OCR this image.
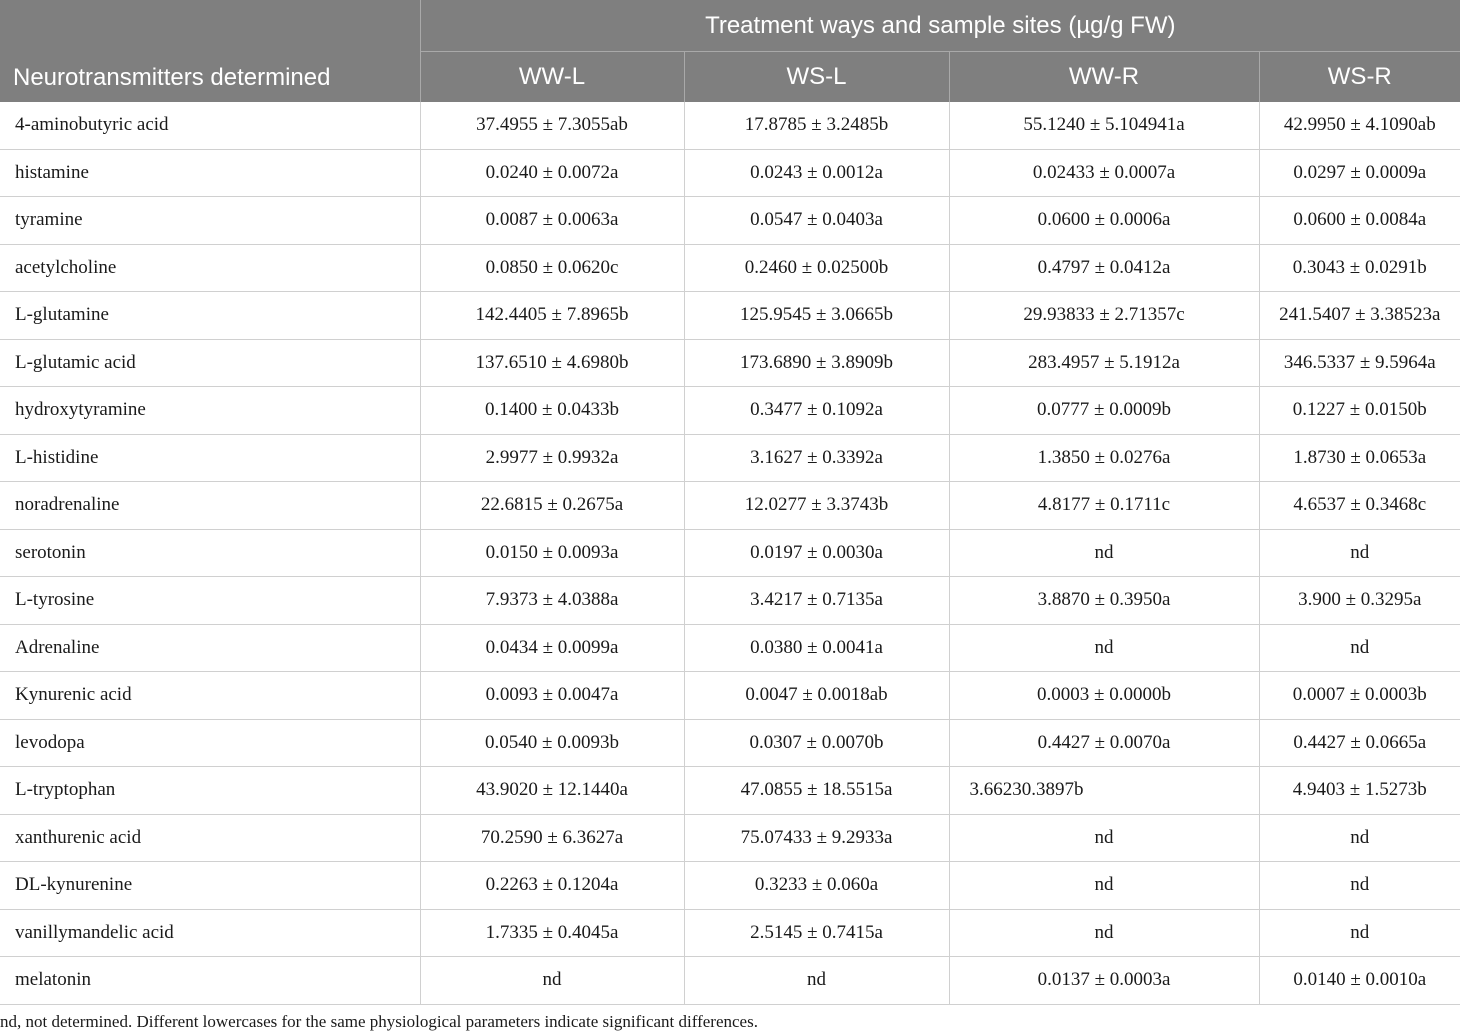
Neurotransmitters determined	Treatment ways and sample sites (µg/g FW)			
	WW-L	WS-L	WW-R	WS-R
4-aminobutyric acid	37.4955 ± 7.3055ab	17.8785 ± 3.2485b	55.1240 ± 5.104941a	42.9950 ± 4.1090ab
histamine	0.0240 ± 0.0072a	0.0243 ± 0.0012a	0.02433 ± 0.0007a	0.0297 ± 0.0009a
tyramine	0.0087 ± 0.0063a	0.0547 ± 0.0403a	0.0600 ± 0.0006a	0.0600 ± 0.0084a
acetylcholine	0.0850 ± 0.0620c	0.2460 ± 0.02500b	0.4797 ± 0.0412a	0.3043 ± 0.0291b
L-glutamine	142.4405 ± 7.8965b	125.9545 ± 3.0665b	29.93833 ± 2.71357c	241.5407 ± 3.38523a
L-glutamic acid	137.6510 ± 4.6980b	173.6890 ± 3.8909b	283.4957 ± 5.1912a	346.5337 ± 9.5964a
hydroxytyramine	0.1400 ± 0.0433b	0.3477 ± 0.1092a	0.0777 ± 0.0009b	0.1227 ± 0.0150b
L-histidine	2.9977 ± 0.9932a	3.1627 ± 0.3392a	1.3850 ± 0.0276a	1.8730 ± 0.0653a
noradrenaline	22.6815 ± 0.2675a	12.0277 ± 3.3743b	4.8177 ± 0.1711c	4.6537 ± 0.3468c
serotonin	0.0150 ± 0.0093a	0.0197 ± 0.0030a	nd	nd
L-tyrosine	7.9373 ± 4.0388a	3.4217 ± 0.7135a	3.8870 ± 0.3950a	3.900 ± 0.3295a
Adrenaline	0.0434 ± 0.0099a	0.0380 ± 0.0041a	nd	nd
Kynurenic acid	0.0093 ± 0.0047a	0.0047 ± 0.0018ab	0.0003 ± 0.0000b	0.0007 ± 0.0003b
levodopa	0.0540 ± 0.0093b	0.0307 ± 0.0070b	0.4427 ± 0.0070a	0.4427 ± 0.0665a
L-tryptophan	43.9020 ± 12.1440a	47.0855 ± 18.5515a	3.66230.3897b	4.9403 ± 1.5273b
xanthurenic acid	70.2590 ± 6.3627a	75.07433 ± 9.2933a	nd	nd
DL-kynurenine	0.2263 ± 0.1204a	0.3233 ± 0.060a	nd	nd
vanillymandelic acid	1.7335 ± 0.4045a	2.5145 ± 0.7415a	nd	nd
melatonin	nd	nd	0.0137 ± 0.0003a	0.0140 ± 0.0010a
nd, not determined. Different lowercases for the same physiological parameters indicate significant differences.
